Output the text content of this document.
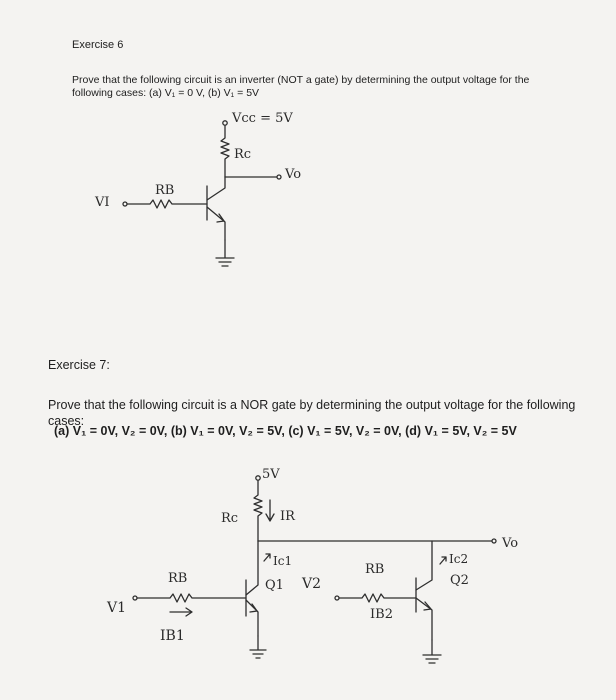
Exercise 6
Prove that the following circuit is an inverter (NOT a gate) by determining the output voltage for the
following cases: (a) V₁ = 0 V, (b) V₁ = 5V
Exercise 7:
Prove that the following circuit is a NOR gate by determining the output voltage for the following cases:
(a) V₁ = 0V, V₂ = 0V, (b) V₁ = 0V, V₂ = 5V, (c) V₁ = 5V, V₂ = 0V, (d) V₁ = 5V, V₂ = 5V
Vcc = 5V
Rc
Vo
VI
RB
5V
Rc	IR
Vo
Ic1
Q1
V1
RB
IB1
V2
RB
IB2
Ic2
Q2
